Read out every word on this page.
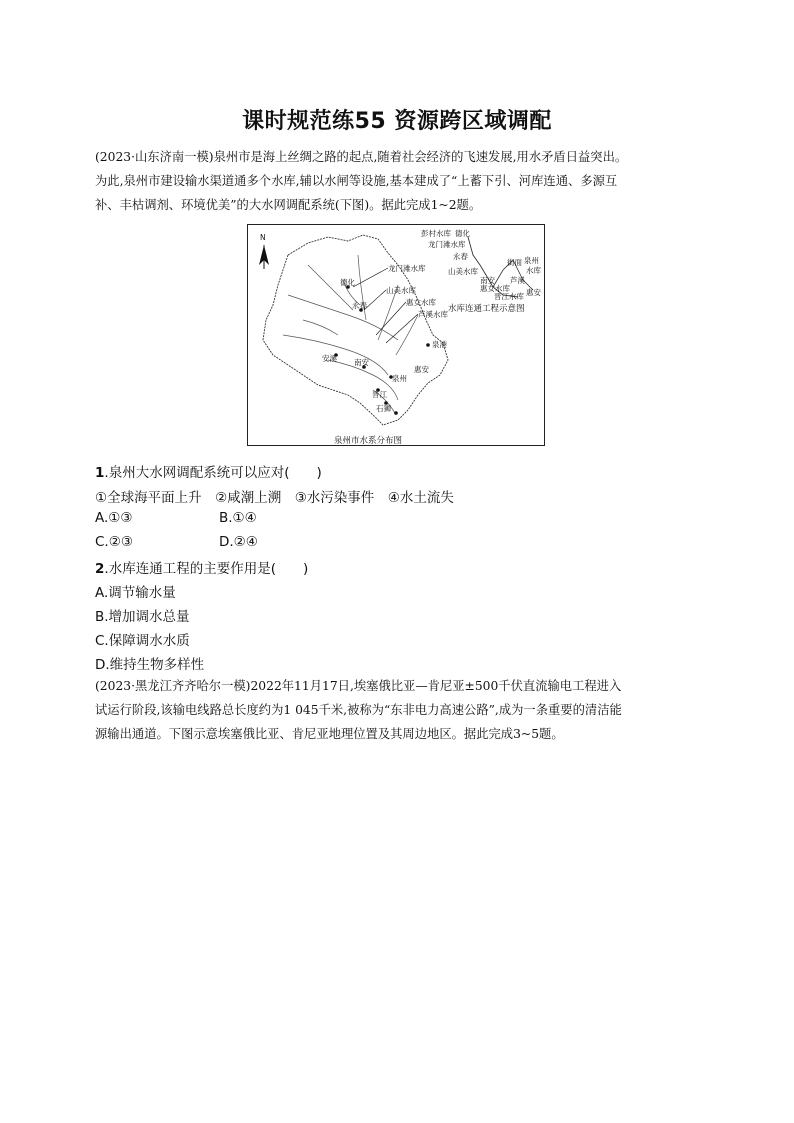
课时规范练55 资源跨区域调配
(2023·山东济南一模)泉州市是海上丝绸之路的起点,随着社会经济的飞速发展,用水矛盾日益突出。
为此,泉州市建设输水渠道通多个水库,辅以水闸等设施,基本建成了“上蓄下引、河库连通、多源互
补、丰枯调剂、环境优美”的大水网调配系统(下图)。据此完成1~2题。
N
德化
永春
安溪 南安
惠安
泉州
晋江
石狮
泉港
龙门滩水库
山美水库
惠女水库
芦溪水库
彭村水库 德化
龙门滩水库
永春
山美水库
南安
惠女水库
街面 泉州
水库
芦溪
晋江水库 惠安
水库连通工程示意图
泉州市水系分布图
1.泉州大水网调配系统可以应对(　　)
①全球海平面上升　②咸潮上溯　③水污染事件　④水土流失
A.①③	B.①④
C.②③	D.②④
2.水库连通工程的主要作用是(　　)
A.调节输水量
B.增加调水总量
C.保障调水水质
D.维持生物多样性
(2023·黑龙江齐齐哈尔一模)2022年11月17日,埃塞俄比亚—肯尼亚±500千伏直流输电工程进入
试运行阶段,该输电线路总长度约为1 045千米,被称为“东非电力高速公路”,成为一条重要的清洁能
源输出通道。下图示意埃塞俄比亚、肯尼亚地理位置及其周边地区。据此完成3~5题。
